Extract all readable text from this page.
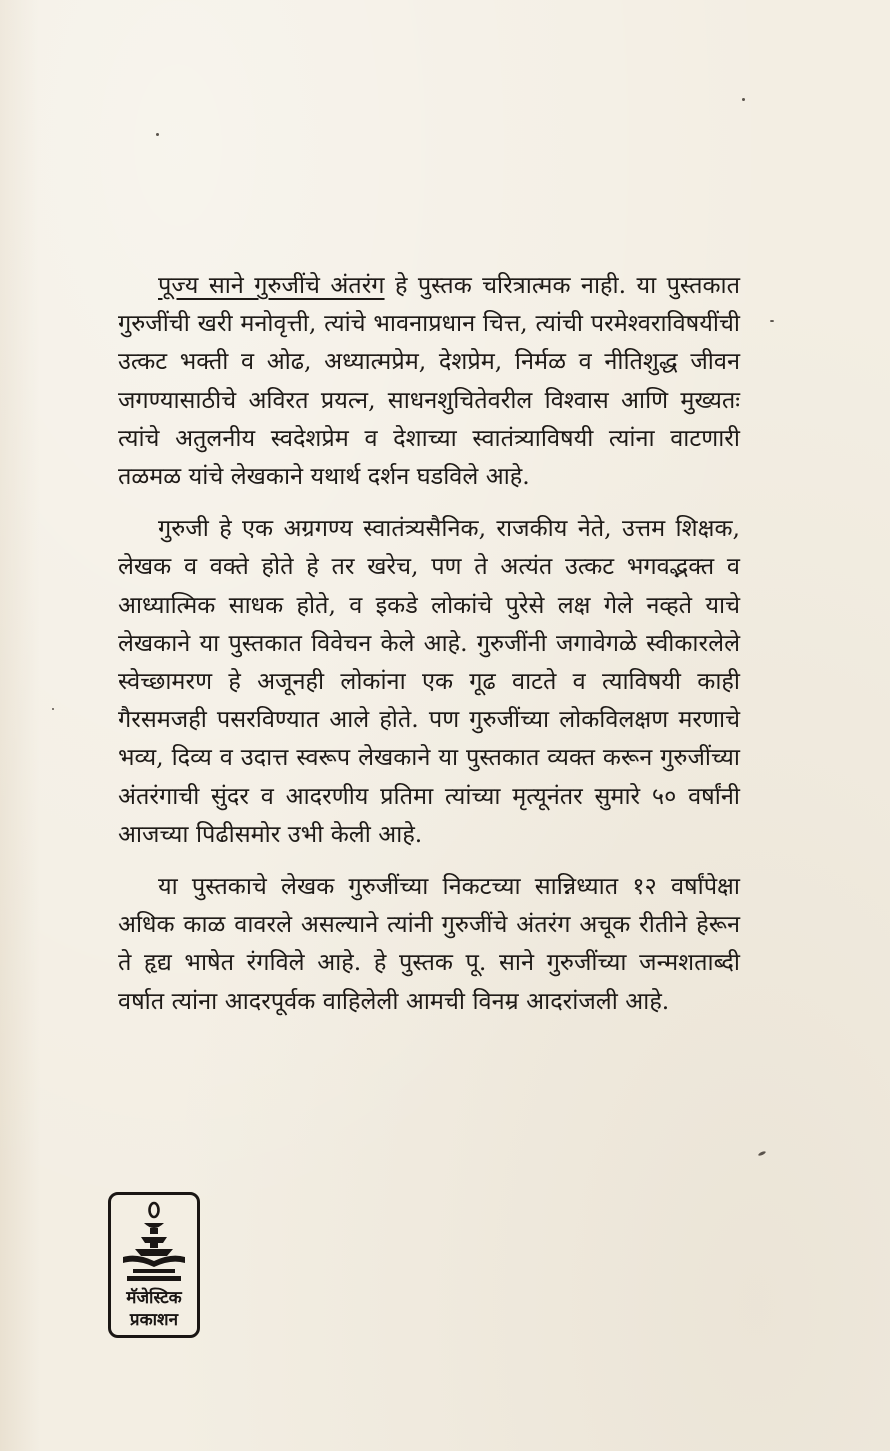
पूज्य साने गुरुजींचे अंतरंग हे पुस्तक चरित्रात्मक नाही. या पुस्तकात गुरुजींची खरी मनोवृत्ती, त्यांचे भावनाप्रधान चित्त, त्यांची परमेश्वराविषयींची उत्कट भक्ती व ओढ, अध्यात्मप्रेम, देशप्रेम, निर्मळ व नीतिशुद्ध जीवन जगण्यासाठीचे अविरत प्रयत्न, साधनशुचितेवरील विश्वास आणि मुख्यतः त्यांचे अतुलनीय स्वदेशप्रेम व देशाच्या स्वातंत्र्याविषयी त्यांना वाटणारी तळमळ यांचे लेखकाने यथार्थ दर्शन घडविले आहे.

गुरुजी हे एक अग्रगण्य स्वातंत्र्यसैनिक, राजकीय नेते, उत्तम शिक्षक, लेखक व वक्ते होते हे तर खरेच, पण ते अत्यंत उत्कट भगवद्भक्त व आध्यात्मिक साधक होते, व इकडे लोकांचे पुरेसे लक्ष गेले नव्हते याचे लेखकाने या पुस्तकात विवेचन केले आहे. गुरुजींनी जगावेगळे स्वीकारलेले स्वेच्छामरण हे अजूनही लोकांना एक गूढ वाटते व त्याविषयी काही गैरसमजही पसरविण्यात आले होते. पण गुरुजींच्या लोकविलक्षण मरणाचे भव्य, दिव्य व उदात्त स्वरूप लेखकाने या पुस्तकात व्यक्त करून गुरुजींच्या अंतरंगाची सुंदर व आदरणीय प्रतिमा त्यांच्या मृत्यूनंतर सुमारे ५० वर्षांनी आजच्या पिढीसमोर उभी केली आहे.

या पुस्तकाचे लेखक गुरुजींच्या निकटच्या सान्निध्यात १२ वर्षांपेक्षा अधिक काळ वावरले असल्याने त्यांनी गुरुजींचे अंतरंग अचूक रीतीने हेरून ते हृद्य भाषेत रंगविले आहे. हे पुस्तक पू. साने गुरुजींच्या जन्मशताब्दी वर्षात त्यांना आदरपूर्वक वाहिलेली आमची विनम्र आदरांजली आहे.

मॅजेस्टिक
प्रकाशन
